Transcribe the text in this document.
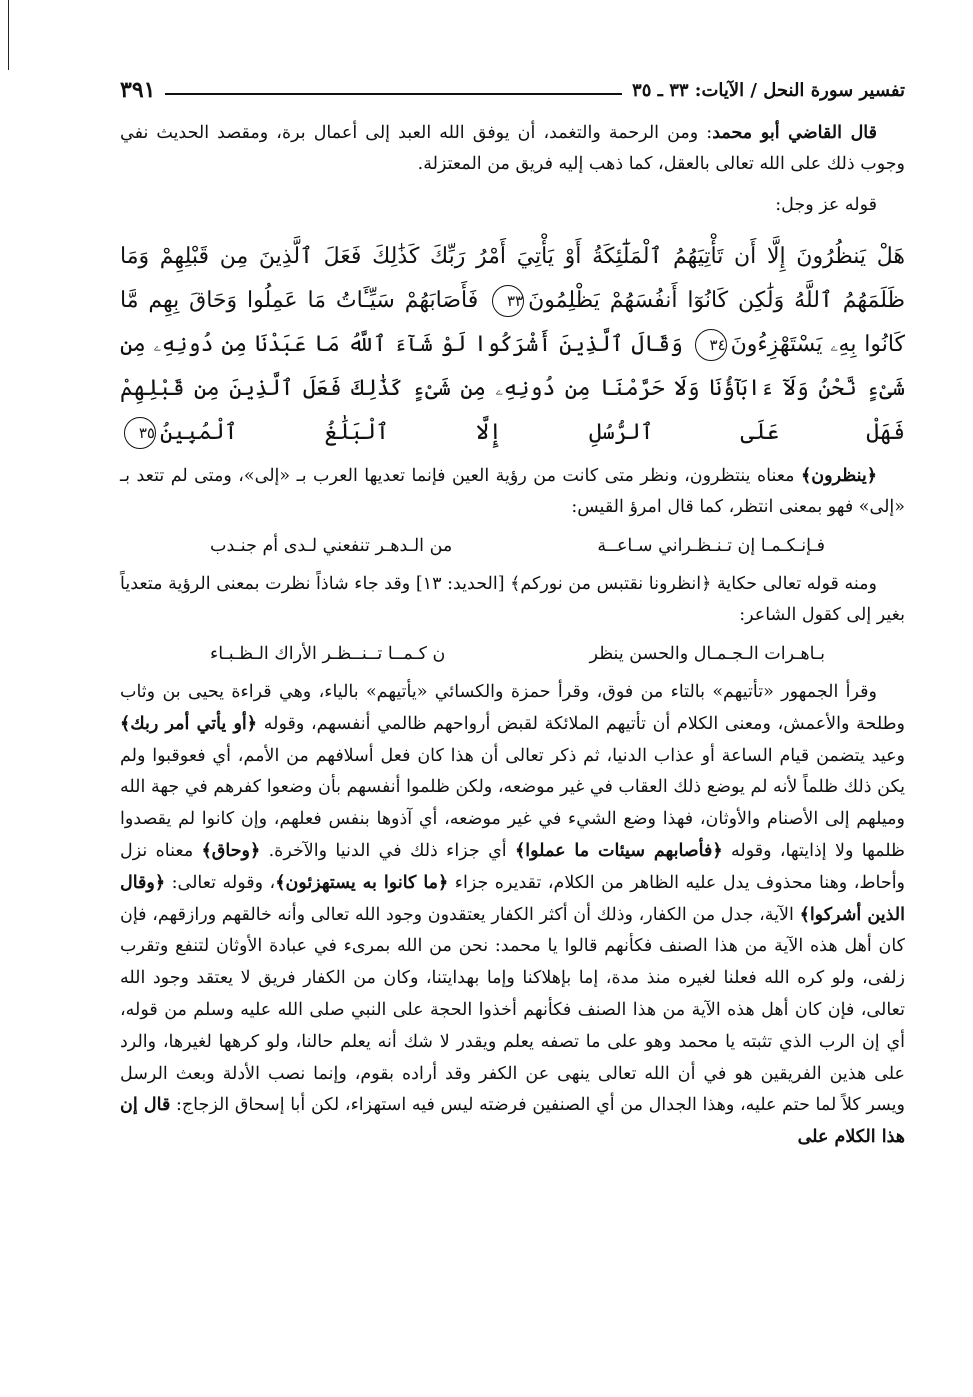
تفسير سورة النحل / الآيات: ٣٣ ـ ٣٥
٣٩١

قال القاضي أبو محمد: ومن الرحمة والتغمد، أن يوفق الله العبد إلى أعمال برة، ومقصد الحديث نفي وجوب ذلك على الله تعالى بالعقل، كما ذهب إليه فريق من المعتزلة.

قوله عز وجل:

هَلْ يَنظُرُونَ إِلَّا أَن تَأْتِيَهُمُ ٱلْمَلَٰٓئِكَةُ أَوْ يَأْتِيَ أَمْرُ رَبِّكَ كَذَٰلِكَ فَعَلَ ٱلَّذِينَ مِن قَبْلِهِمْ وَمَا ظَلَمَهُمُ ٱللَّهُ وَلَٰكِن كَانُوٓا أَنفُسَهُمْ يَظْلِمُونَ٣٣ فَأَصَابَهُمْ سَيِّـَٔاتُ مَا عَمِلُوا وَحَاقَ بِهِم مَّا كَانُوا بِهِۦ يَسْتَهْزِءُونَ٣٤ وَقَالَ ٱلَّذِينَ أَشْرَكُوا لَوْ شَآءَ ٱللَّهُ مَا عَبَدْنَا مِن دُونِهِۦ مِن شَىْءٍ نَّحْنُ وَلَآ ءَابَآؤُنَا وَلَا حَرَّمْنَا مِن دُونِهِۦ مِن شَىْءٍ كَذَٰلِكَ فَعَلَ ٱلَّذِينَ مِن قَبْلِهِمْ فَهَلْ عَلَى ٱلرُّسُلِ إِلَّا ٱلْبَلَٰغُ ٱلْمُبِينُ٣٥

﴿ينظرون﴾ معناه ينتظرون، ونظر متى كانت من رؤية العين فإنما تعديها العرب بـ «إلى»، ومتى لم تتعد بـ «إلى» فهو بمعنى انتظر، كما قال امرؤ القيس:

فـإنـكـمـا إن تـنـظـراني سـاعــة
من الـدهـر تنفعني لـدى أم جنـدب

ومنه قوله تعالى حكاية ﴿انظرونا نقتبس من نوركم﴾ [الحديد: ١٣] وقد جاء شاذاً نظرت بمعنى الرؤية متعدياً بغير إلى كقول الشاعر:

بـاهـرات الـجـمـال والحسن ينظر
ن كـمــا تــنــظـر الأراك الـظـبـاء

وقرأ الجمهور «تأتيهم» بالتاء من فوق، وقرأ حمزة والكسائي «يأتيهم» بالياء، وهي قراءة يحيى بن وثاب وطلحة والأعمش، ومعنى الكلام أن تأتيهم الملائكة لقبض أرواحهم ظالمي أنفسهم، وقوله ﴿أو يأتي أمر ربك﴾ وعيد يتضمن قيام الساعة أو عذاب الدنيا، ثم ذكر تعالى أن هذا كان فعل أسلافهم من الأمم، أي فعوقبوا ولم يكن ذلك ظلماً لأنه لم يوضع ذلك العقاب في غير موضعه، ولكن ظلموا أنفسهم بأن وضعوا كفرهم في جهة الله وميلهم إلى الأصنام والأوثان، فهذا وضع الشيء في غير موضعه، أي آذوها بنفس فعلهم، وإن كانوا لم يقصدوا ظلمها ولا إذايتها، وقوله ﴿فأصابهم سيئات ما عملوا﴾ أي جزاء ذلك في الدنيا والآخرة. ﴿وحاق﴾ معناه نزل وأحاط، وهنا محذوف يدل عليه الظاهر من الكلام، تقديره جزاء ﴿ما كانوا به يستهزئون﴾، وقوله تعالى: ﴿وقال الذين أشركوا﴾ الآية، جدل من الكفار، وذلك أن أكثر الكفار يعتقدون وجود الله تعالى وأنه خالقهم ورازقهم، فإن كان أهل هذه الآية من هذا الصنف فكأنهم قالوا يا محمد: نحن من الله بمرىء في عبادة الأوثان لتنفع وتقرب زلفى، ولو كره الله فعلنا لغيره منذ مدة، إما بإهلاكنا وإما بهدايتنا، وكان من الكفار فريق لا يعتقد وجود الله تعالى، فإن كان أهل هذه الآية من هذا الصنف فكأنهم أخذوا الحجة على النبي صلى الله عليه وسلم من قوله، أي إن الرب الذي تثبته يا محمد وهو على ما تصفه يعلم ويقدر لا شك أنه يعلم حالنا، ولو كرهها لغيرها، والرد على هذين الفريقين هو في أن الله تعالى ينهى عن الكفر وقد أراده بقوم، وإنما نصب الأدلة وبعث الرسل ويسر كلاً لما حتم عليه، وهذا الجدال من أي الصنفين فرضته ليس فيه استهزاء، لكن أبا إسحاق الزجاج: قال إن هذا الكلام على
